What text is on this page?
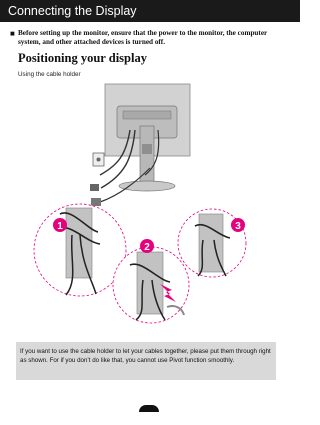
Connecting the Display
■ Before setting up the monitor, ensure that the power to the monitor, the computer system, and other attached devices is turned off.
Positioning your display
Using the cable holder
1
2
3
If you want to use the cable holder to let your cables together, please put them through right as shown. For if you don’t do like that, you cannot use Pivot function smoothly.
